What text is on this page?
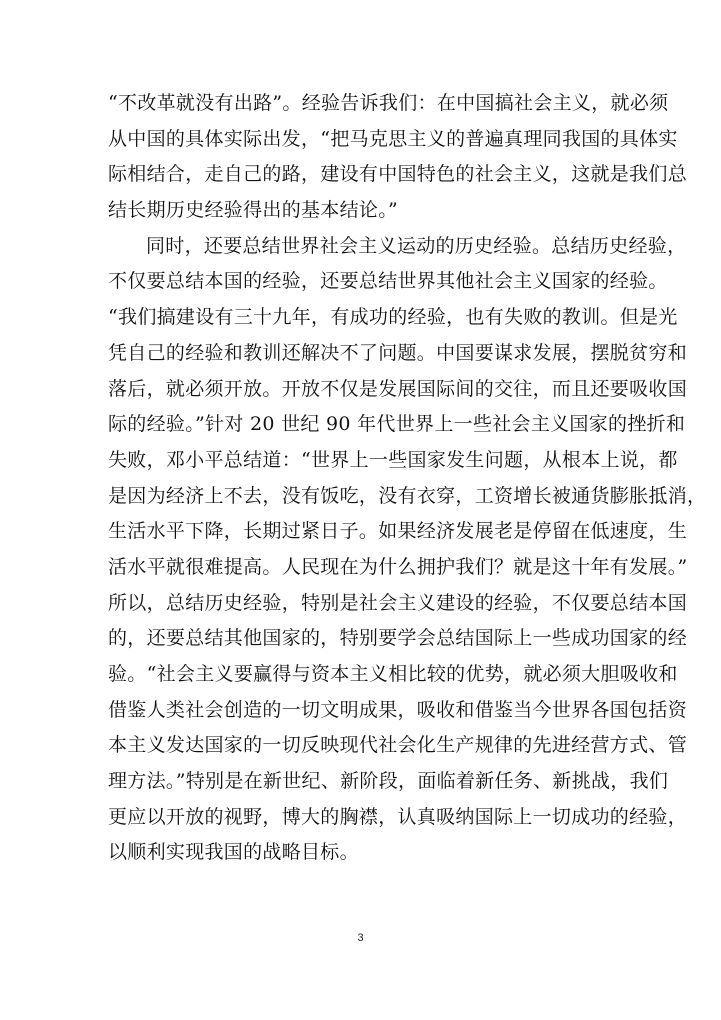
“不改革就没有出路”。经验告诉我们：在中国搞社会主义，就必须
从中国的具体实际出发，“把马克思主义的普遍真理同我国的具体实
际相结合，走自己的路，建设有中国特色的社会主义，这就是我们总
结长期历史经验得出的基本结论。”
同时，还要总结世界社会主义运动的历史经验。总结历史经验，
不仅要总结本国的经验，还要总结世界其他社会主义国家的经验。
“我们搞建设有三十九年，有成功的经验，也有失败的教训。但是光
凭自己的经验和教训还解决不了问题。中国要谋求发展，摆脱贫穷和
落后，就必须开放。开放不仅是发展国际间的交往，而且还要吸收国
际的经验。”针对 20 世纪 90 年代世界上一些社会主义国家的挫折和
失败，邓小平总结道：“世界上一些国家发生问题，从根本上说，都
是因为经济上不去，没有饭吃，没有衣穿，工资增长被通货膨胀抵消，
生活水平下降，长期过紧日子。如果经济发展老是停留在低速度，生
活水平就很难提高。人民现在为什么拥护我们？就是这十年有发展。”
所以，总结历史经验，特别是社会主义建设的经验，不仅要总结本国
的，还要总结其他国家的，特别要学会总结国际上一些成功国家的经
验。“社会主义要赢得与资本主义相比较的优势，就必须大胆吸收和
借鉴人类社会创造的一切文明成果，吸收和借鉴当今世界各国包括资
本主义发达国家的一切反映现代社会化生产规律的先进经营方式、管
理方法。”特别是在新世纪、新阶段，面临着新任务、新挑战，我们
更应以开放的视野，博大的胸襟，认真吸纳国际上一切成功的经验，
以顺利实现我国的战略目标。
3
